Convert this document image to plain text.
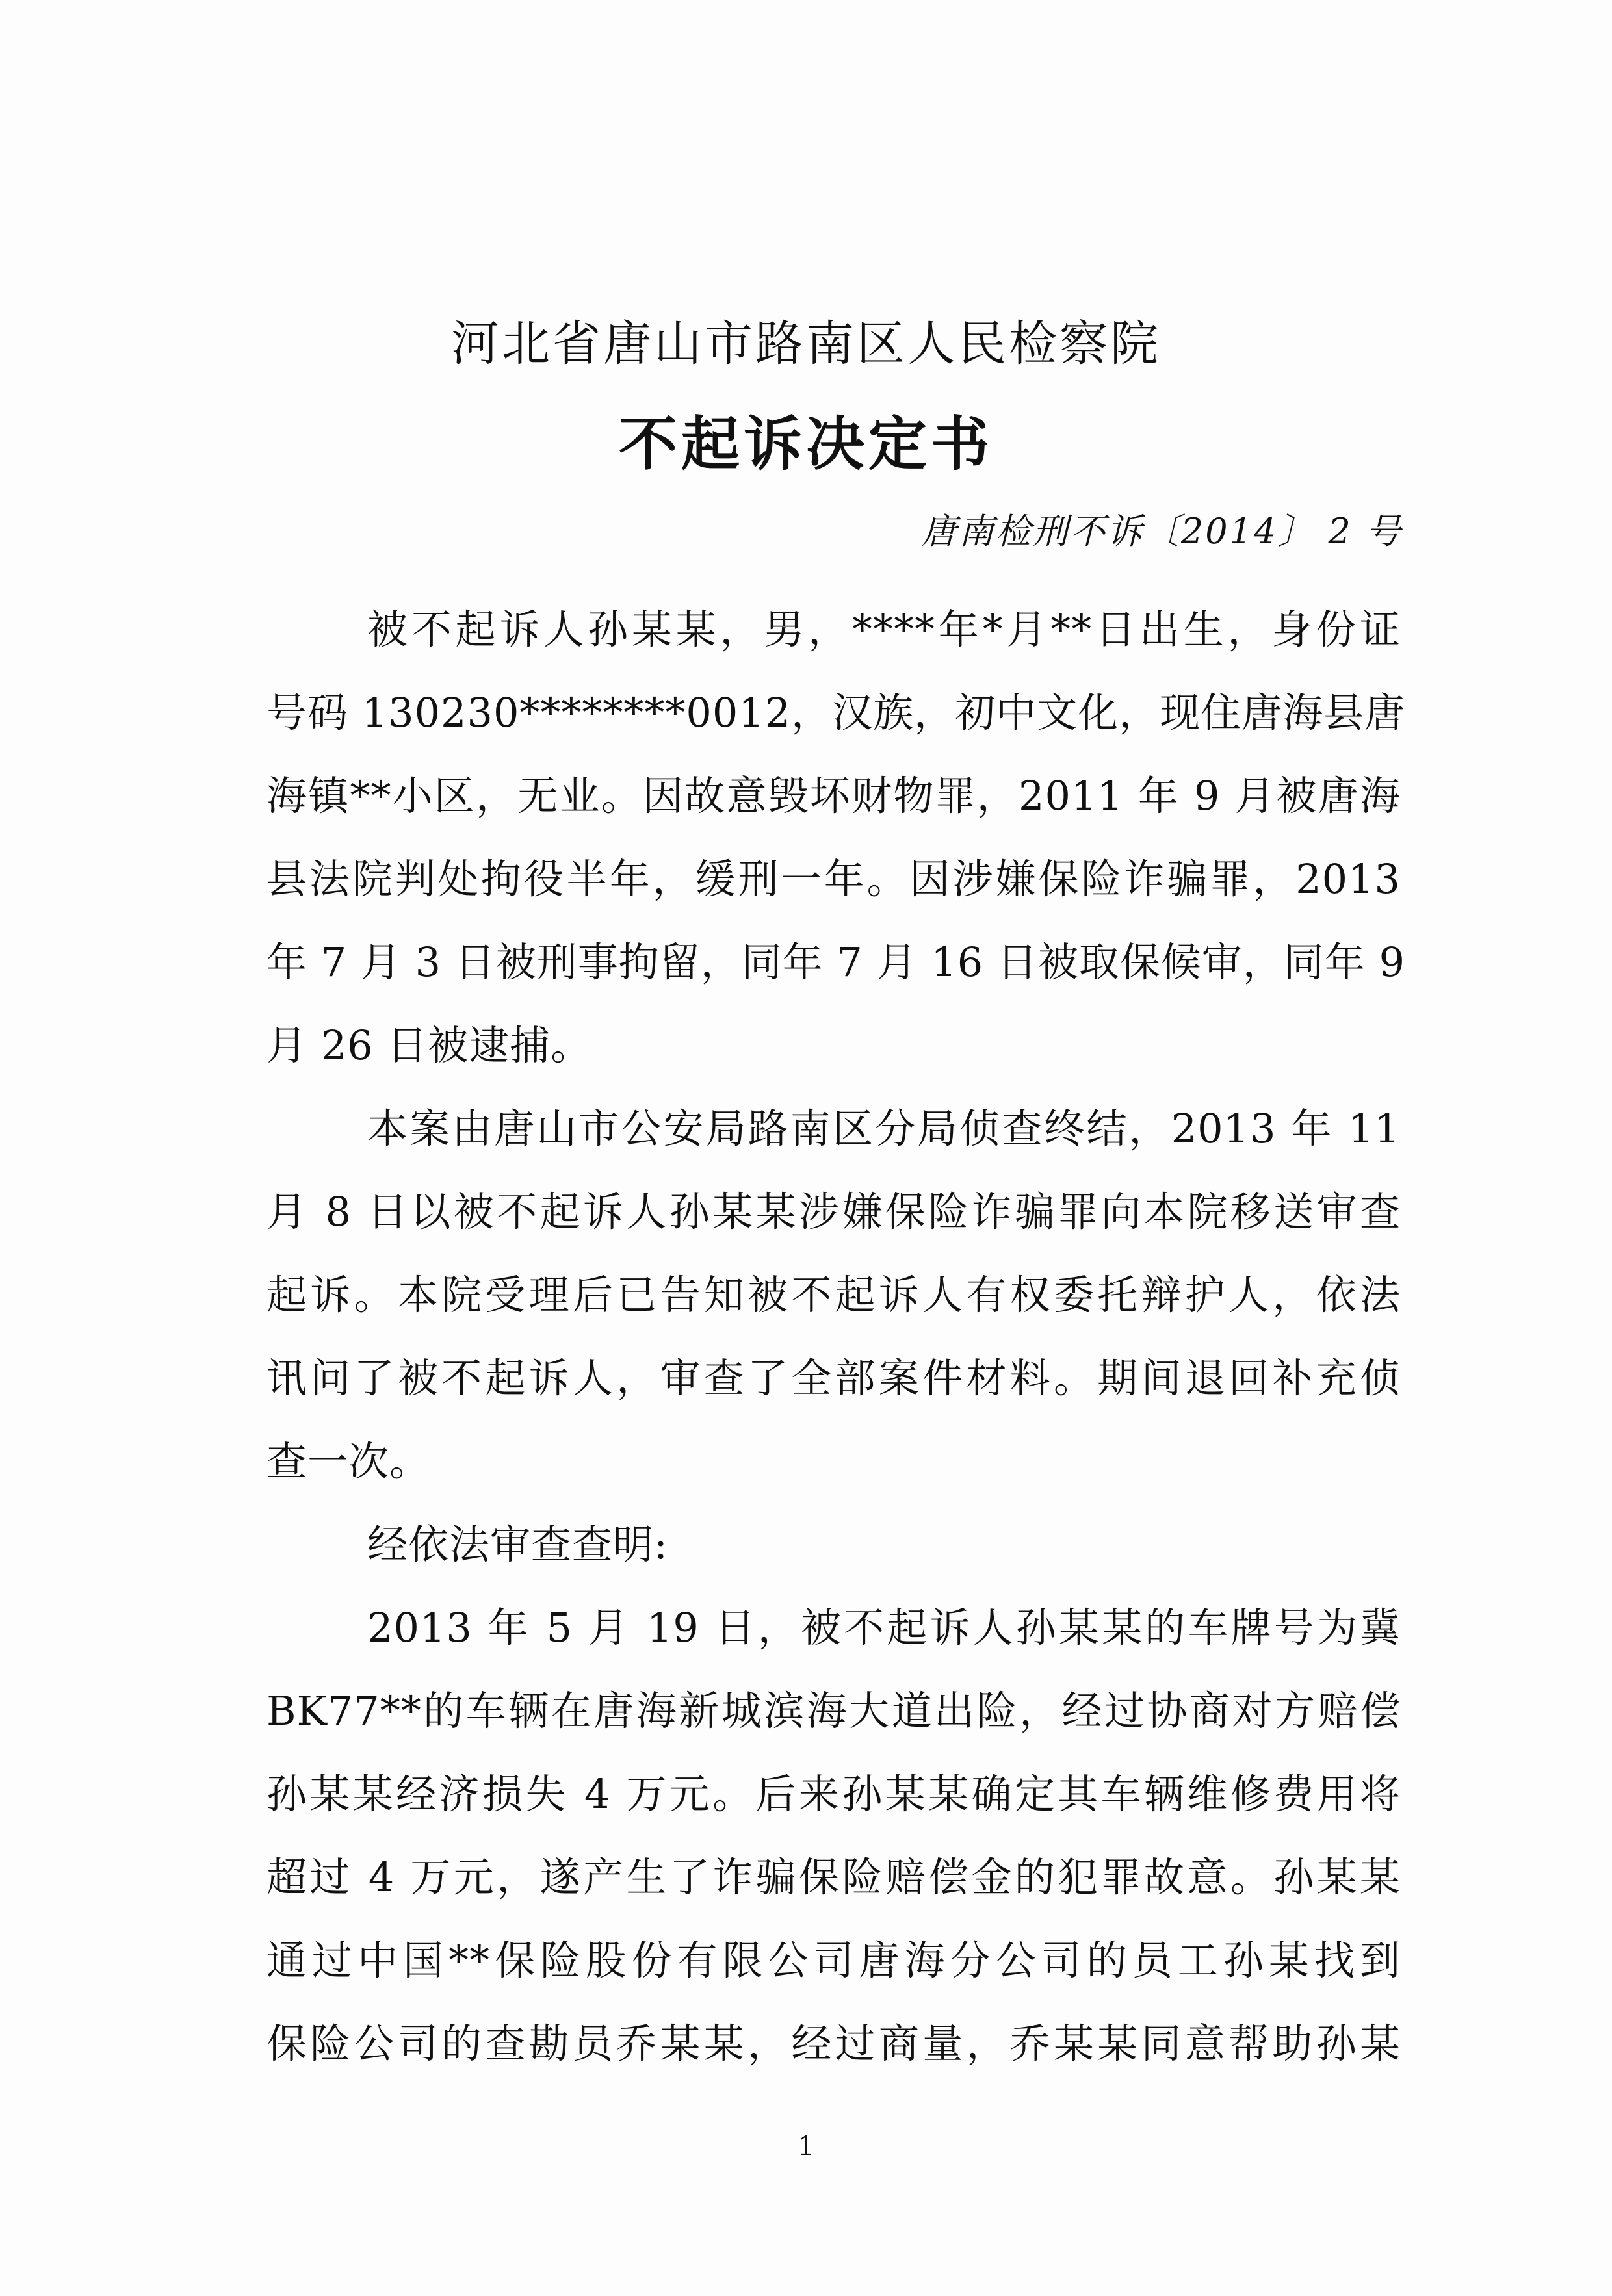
河北省唐山市路南区人民检察院
不起诉决定书
唐南检刑不诉〔2014〕 2 号

被不起诉人孙某某，男，****年*月**日出生，身份证

号码 130230********0012，汉族，初中文化，现住唐海县唐

海镇**小区，无业。因故意毁坏财物罪，2011 年 9 月被唐海

县法院判处拘役半年，缓刑一年。因涉嫌保险诈骗罪，2013

年 7 月 3 日被刑事拘留，同年 7 月 16 日被取保候审，同年 9

月 26 日被逮捕。

本案由唐山市公安局路南区分局侦查终结，2013 年 11

月 8 日以被不起诉人孙某某涉嫌保险诈骗罪向本院移送审查

起诉。本院受理后已告知被不起诉人有权委托辩护人，依法

讯问了被不起诉人，审查了全部案件材料。期间退回补充侦

查一次。

经依法审查查明:

2013 年 5 月 19 日，被不起诉人孙某某的车牌号为冀

BK77**的车辆在唐海新城滨海大道出险，经过协商对方赔偿

孙某某经济损失 4 万元。后来孙某某确定其车辆维修费用将

超过 4 万元，遂产生了诈骗保险赔偿金的犯罪故意。孙某某

通过中国**保险股份有限公司唐海分公司的员工孙某找到

保险公司的查勘员乔某某，经过商量，乔某某同意帮助孙某

1
